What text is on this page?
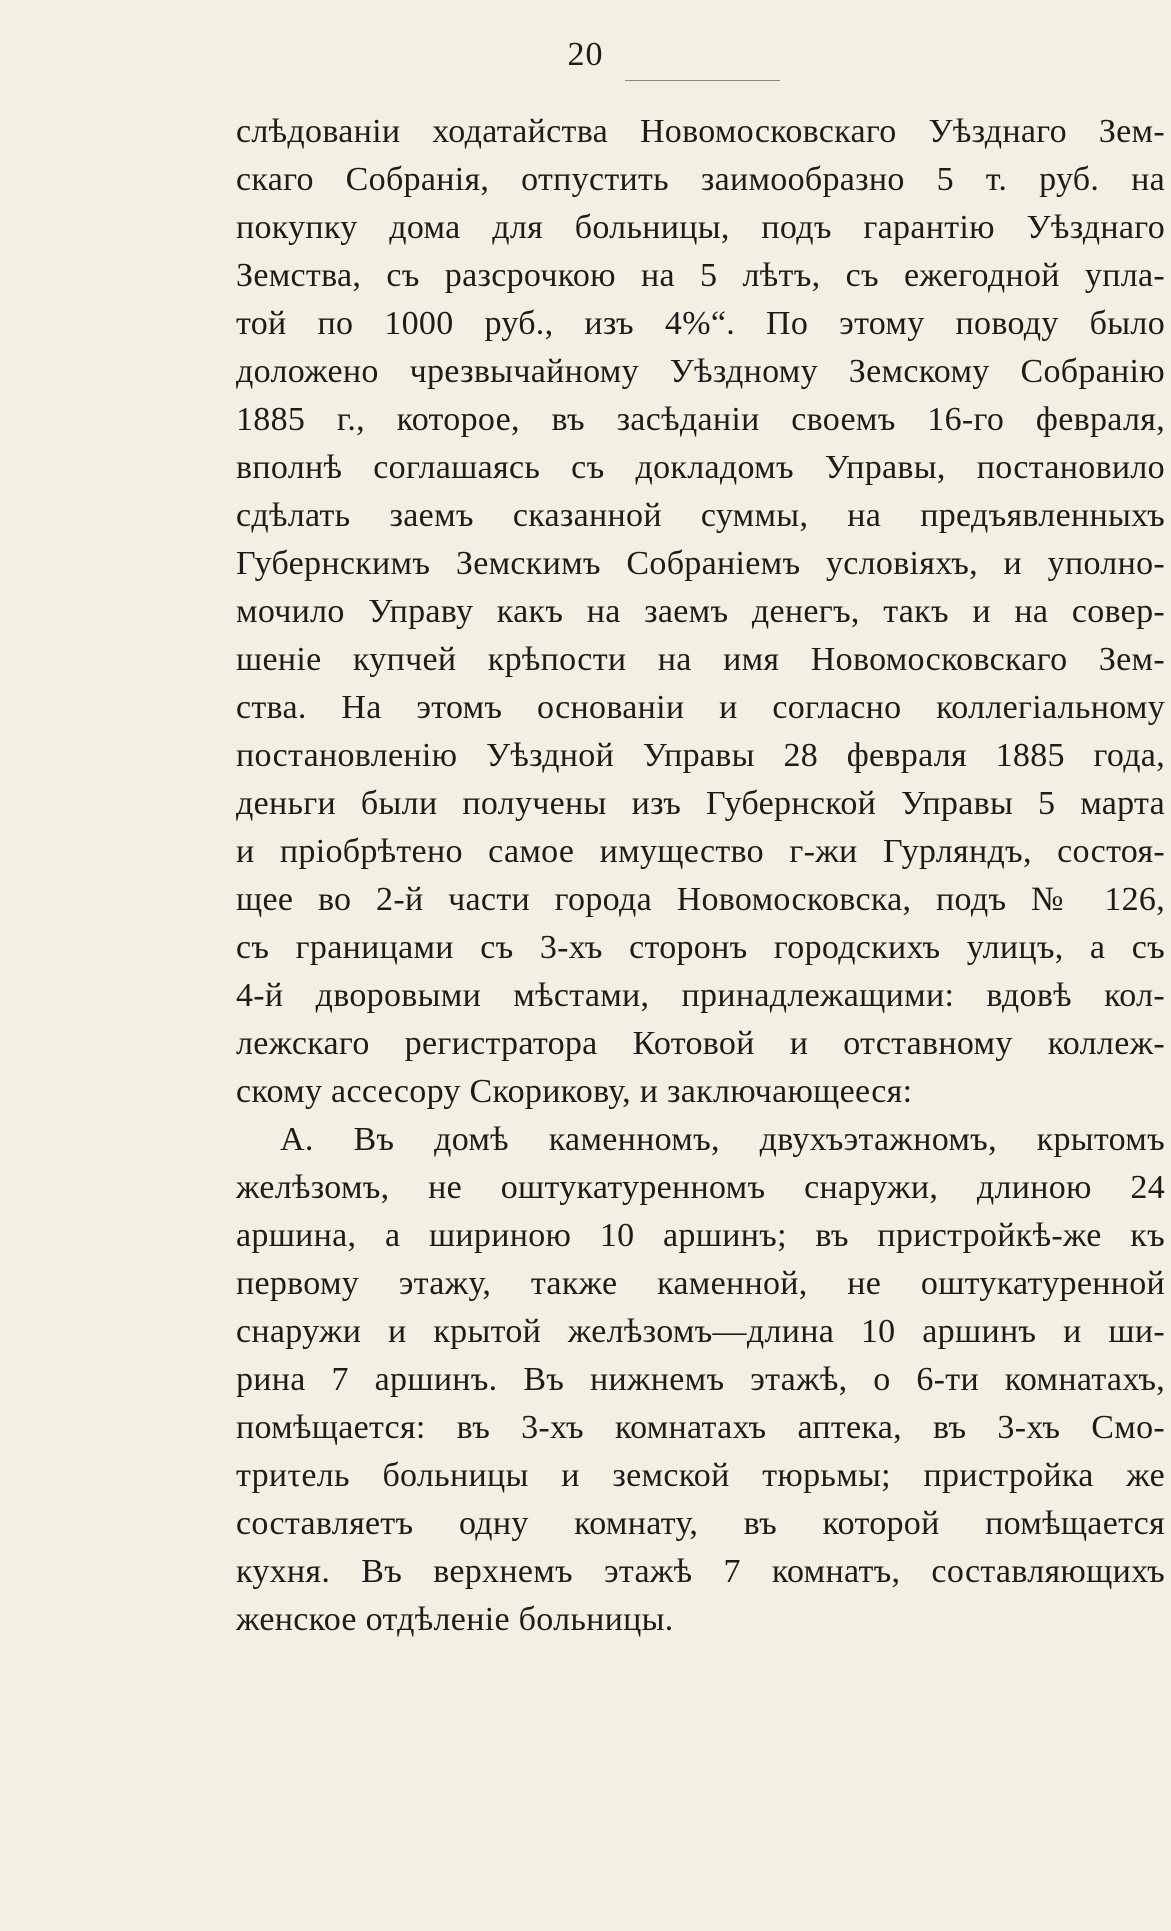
20
слѣдованіи ходатайства Новомосковскаго Уѣзднаго Зем-
скаго Собранія, отпустить заимообразно 5 т. руб. на
покупку дома для больницы, подъ гарантію Уѣзднаго
Земства, съ разсрочкою на 5 лѣтъ, съ ежегодной упла-
той по 1000 руб., изъ 4%“. По этому поводу было
доложено чрезвычайному Уѣздному Земскому Собранію
1885 г., которое, въ засѣданіи своемъ 16-го февраля,
вполнѣ соглашаясь съ докладомъ Управы, постановило
сдѣлать заемъ сказанной суммы, на предъявленныхъ
Губернскимъ Земскимъ Собраніемъ условіяхъ, и уполно-
мочило Управу какъ на заемъ денегъ, такъ и на совер-
шеніе купчей крѣпости на имя Новомосковскаго Зем-
ства. На этомъ основаніи и согласно коллегіальному
постановленію Уѣздной Управы 28 февраля 1885 года,
деньги были получены изъ Губернской Управы 5 марта
и пріобрѣтено самое имущество г-жи Гурляндъ, состоя-
щее во 2-й части города Новомосковска, подъ № 126,
съ границами съ 3-хъ сторонъ городскихъ улицъ, а съ
4-й дворовыми мѣстами, принадлежащими: вдовѣ кол-
лежскаго регистратора Котовой и отставному коллеж-
скому ассесору Скорикову, и заключающееся:
А. Въ домѣ каменномъ, двухъэтажномъ, крытомъ
желѣзомъ, не оштукатуренномъ снаружи, длиною 24
аршина, а шириною 10 аршинъ; въ пристройкѣ-же къ
первому этажу, также каменной, не оштукатуренной
снаружи и крытой желѣзомъ—длина 10 аршинъ и ши-
рина 7 аршинъ. Въ нижнемъ этажѣ, о 6-ти комнатахъ,
помѣщается: въ 3-хъ комнатахъ аптека, въ 3-хъ Смо-
триτель больницы и земской тюрьмы; пристройка же
составляетъ одну комнату, въ которой помѣщается
кухня. Въ верхнемъ этажѣ 7 комнатъ, составляющихъ
женское отдѣленіе больницы.
